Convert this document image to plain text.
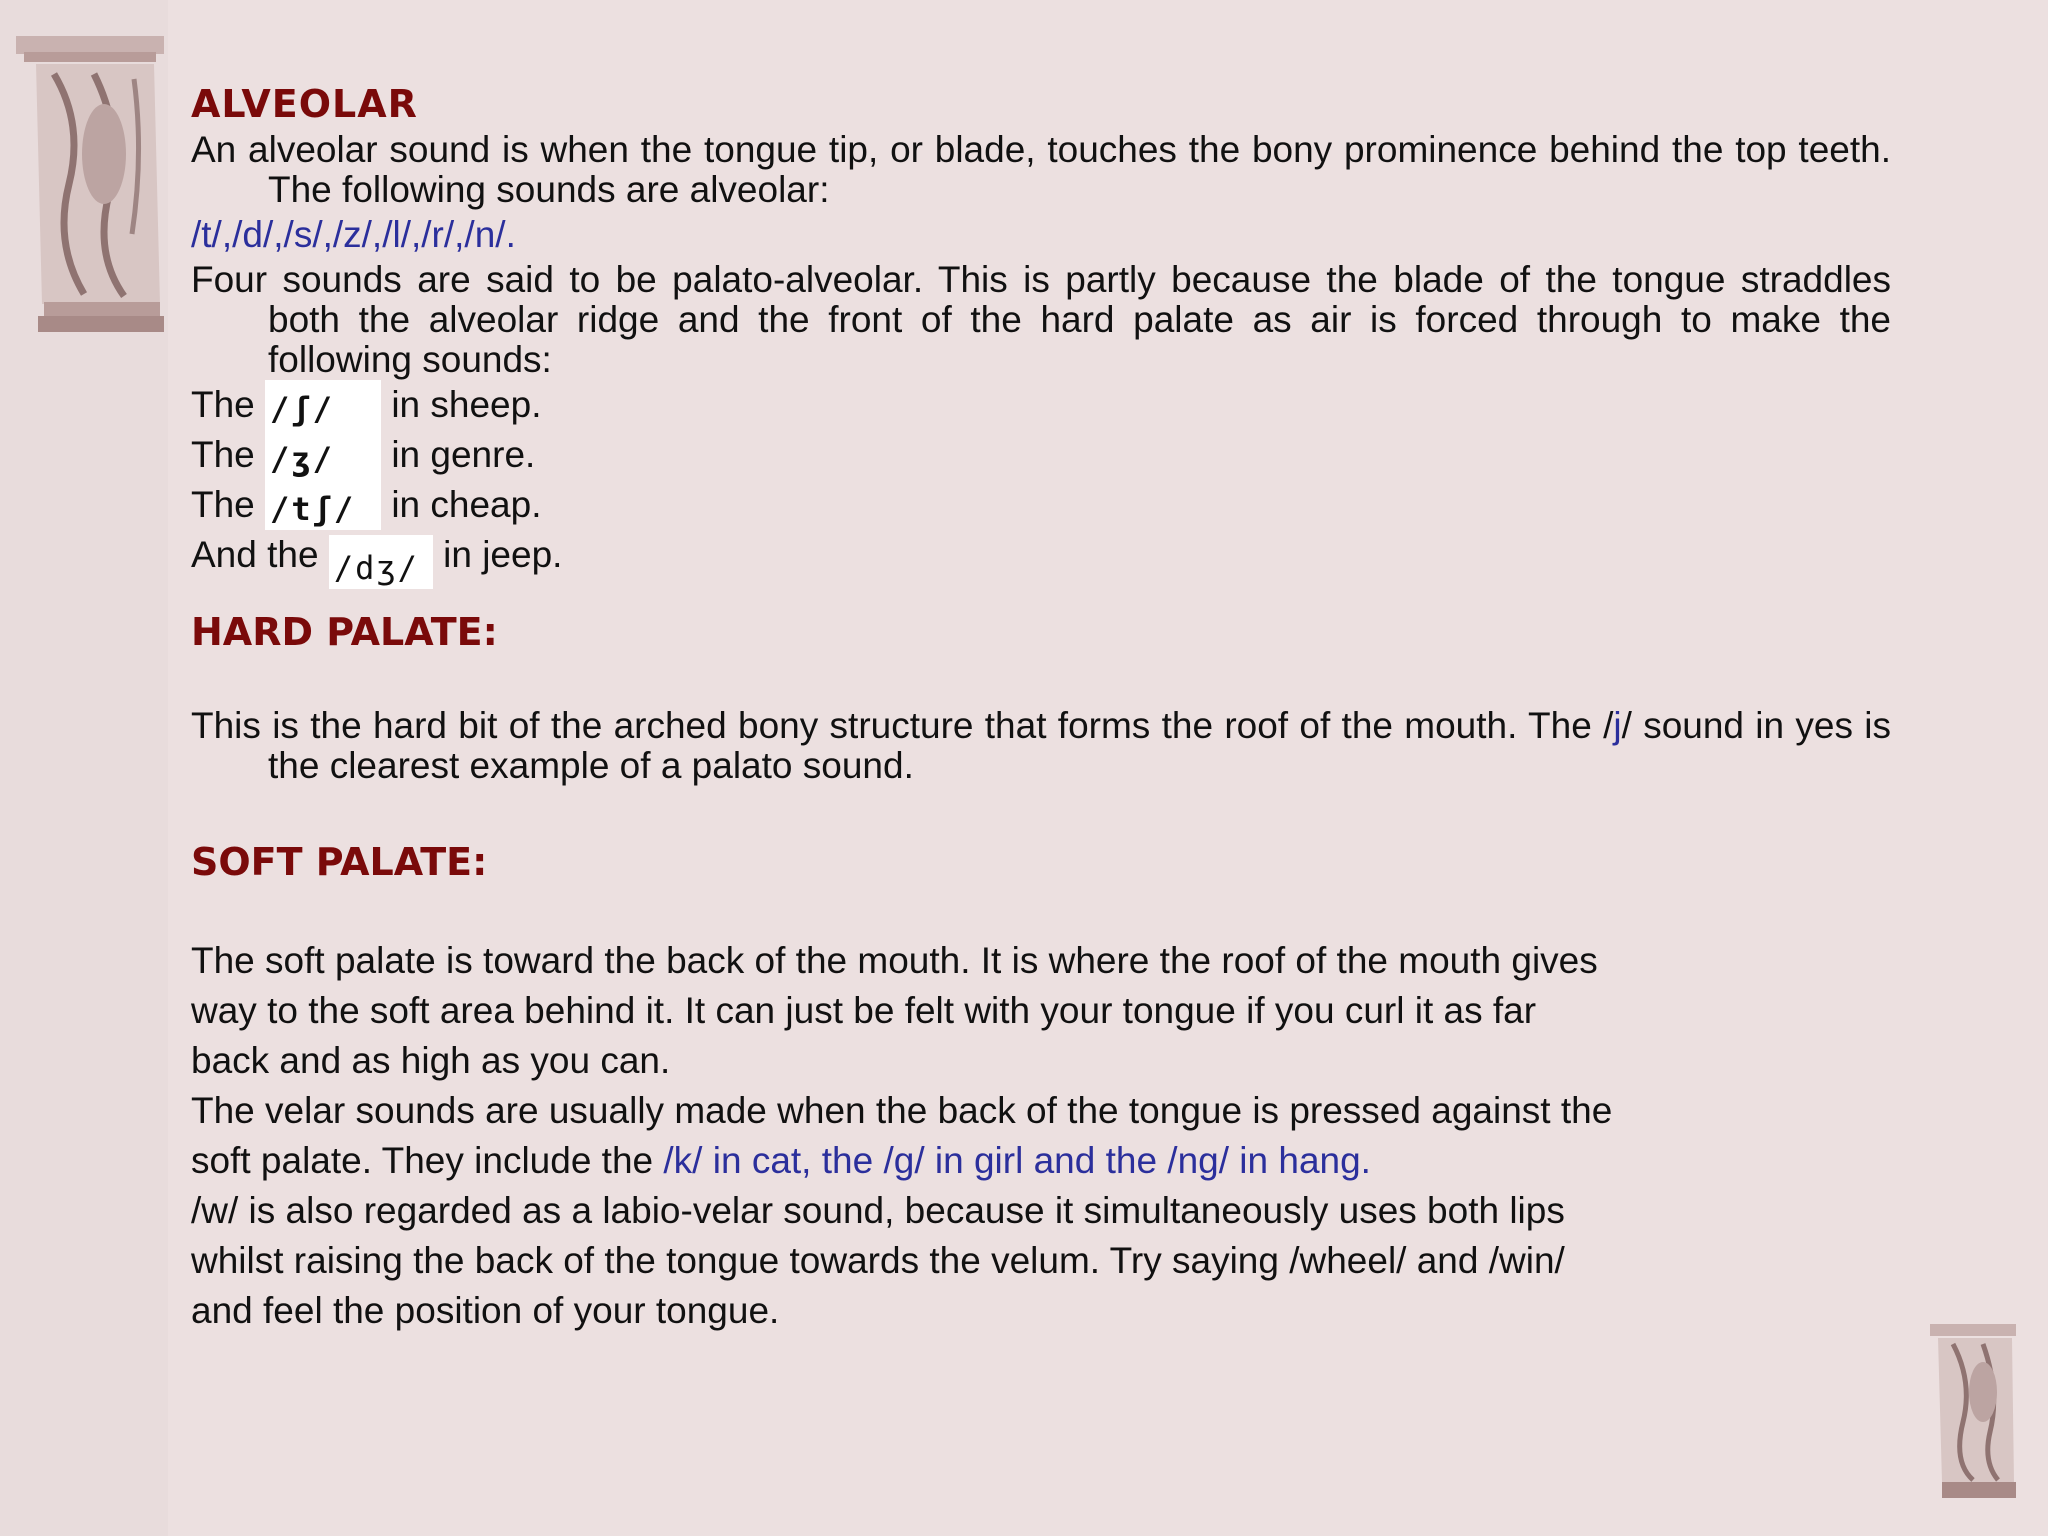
ALVEOLAR

An alveolar sound is when the tongue tip, or blade, touches the bony prominence behind the top teeth. The following sounds are alveolar:

/t/,/d/,/s/,/z/,/l/,/r/,/n/.

Four sounds are said to be palato-alveolar. This is partly because the blade of the tongue straddles both the alveolar ridge and the front of the hard palate as air is forced through to make the following sounds:

The /ʃ/ in sheep.

The /ʒ/ in genre.

The /tʃ/ in cheap.

And the /dʒ/ in jeep.

HARD PALATE:

This is the hard bit of the arched bony structure that forms the roof of the mouth. The /j/ sound in yes is the clearest example of a palato sound.

SOFT PALATE:

The soft palate is toward the back of the mouth. It is where the roof of the mouth gives

way to the soft area behind it. It can just be felt with your tongue if you curl it as far

back and as high as you can.

The velar sounds are usually made when the back of the tongue is pressed against the

soft palate. They include the /k/ in cat, the /g/ in girl and the /ng/ in hang.

/w/ is also regarded as a labio-velar sound, because it simultaneously uses both lips

whilst raising the back of the tongue towards the velum. Try saying /wheel/ and /win/

and feel the position of your tongue.
